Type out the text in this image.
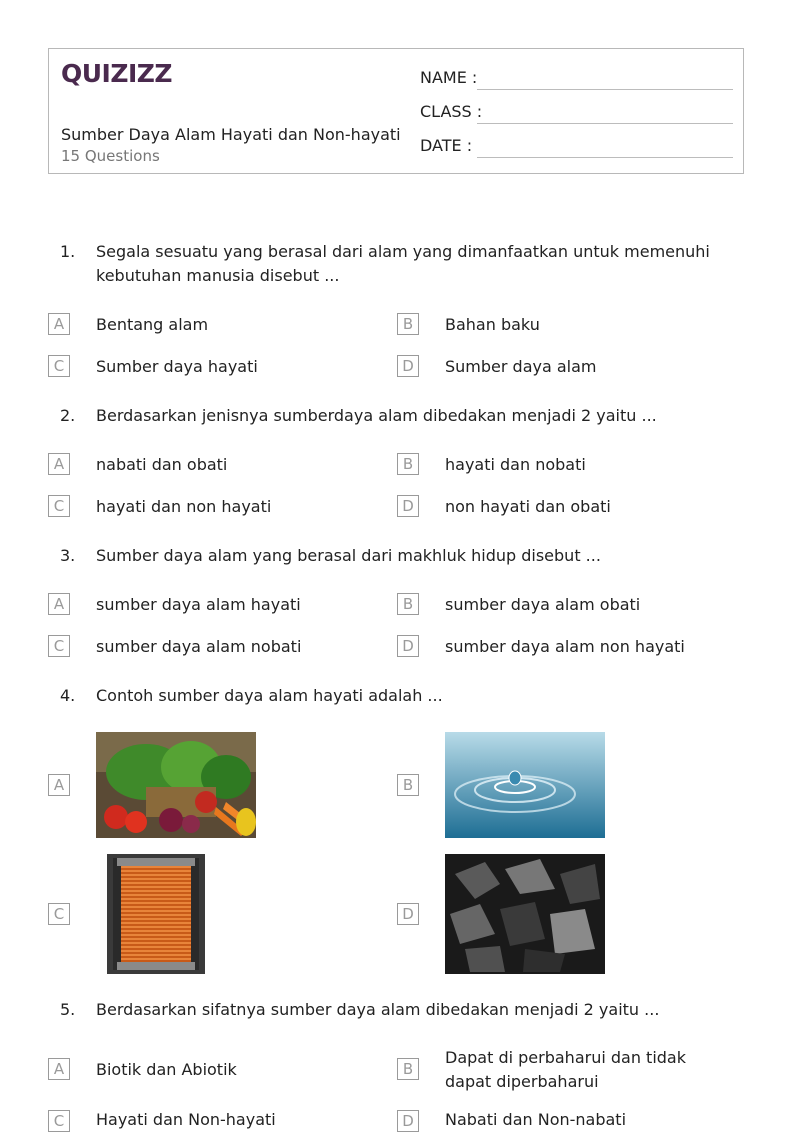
QUIZIZZ
Sumber Daya Alam Hayati dan Non-hayati
15 Questions
NAME :
CLASS :
DATE :
1. Segala sesuatu yang berasal dari alam yang dimanfaatkan untuk memenuhi kebutuhan manusia disebut ...
A	Bentang alam	B	Bahan baku
C	Sumber daya hayati	D	Sumber daya alam
2. Berdasarkan jenisnya sumberdaya alam dibedakan menjadi 2 yaitu ...
A	nabati dan obati	B	hayati dan nobati
C	hayati dan non hayati	D	non hayati dan obati
3. Sumber daya alam yang berasal dari makhluk hidup disebut ...
A	sumber daya alam hayati	B	sumber daya alam obati
C	sumber daya alam nobati	D	sumber daya alam non hayati
4. Contoh sumber daya alam hayati adalah ...
A	B
C	D
5. Berdasarkan sifatnya sumber daya alam dibedakan menjadi 2 yaitu ...
A	Biotik dan Abiotik	B
Dapat di perbaharui dan tidak dapat diperbaharui
C	Hayati dan Non-hayati	D	Nabati dan Non-nabati
